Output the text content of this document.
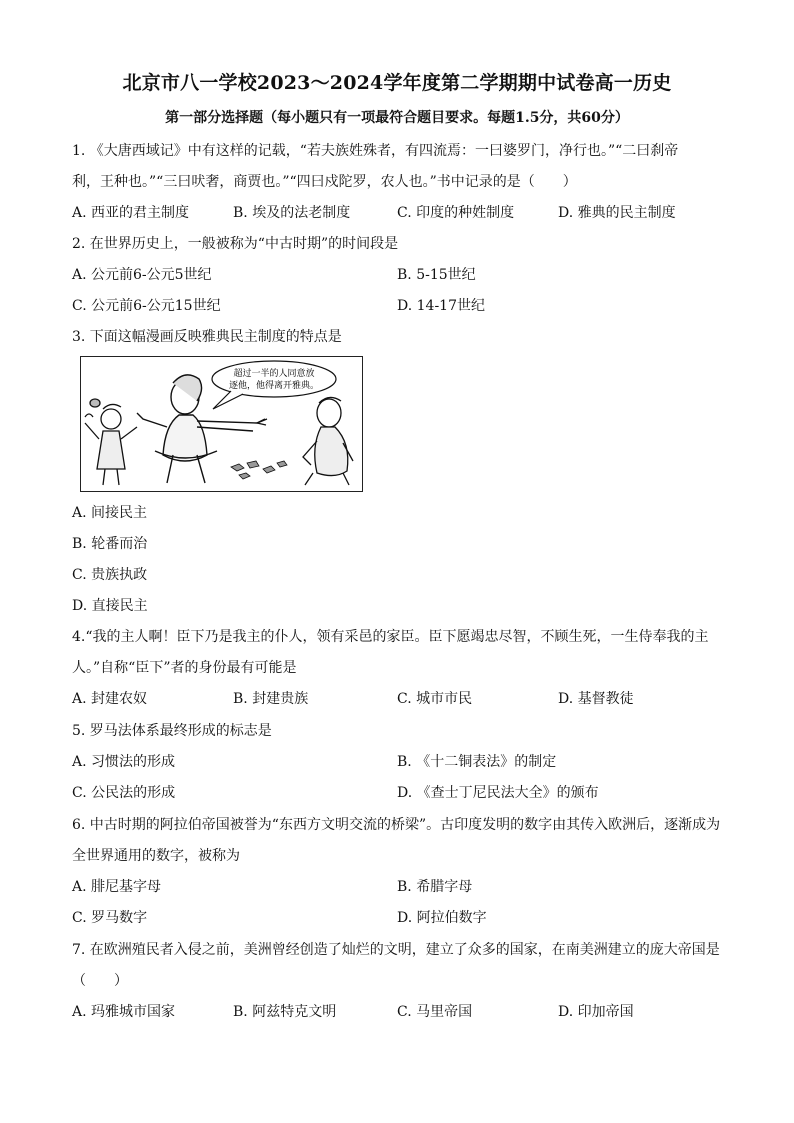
北京市八一学校2023～2024学年度第二学期期中试卷高一历史
第一部分选择题（每小题只有一项最符合题目要求。每题1.5分，共60分）
1. 《大唐西域记》中有这样的记载，“若夫族姓殊者，有四流焉：一曰婆罗门，净行也。”“二曰刹帝
利，王种也。”“三曰吠奢，商贾也。”“四曰戍陀罗，农人也。”书中记录的是（　　）
A. 西亚的君主制度	B. 埃及的法老制度	C. 印度的种姓制度	D. 雅典的民主制度
2. 在世界历史上，一般被称为“中古时期”的时间段是
A. 公元前6-公元5世纪	B. 5-15世纪
C. 公元前6-公元15世纪	D. 14-17世纪
3. 下面这幅漫画反映雅典民主制度的特点是
超过一半的人同意放
逐他，他得离开雅典。
A. 间接民主
B. 轮番而治
C. 贵族执政
D. 直接民主
4.“我的主人啊！臣下乃是我主的仆人，领有采邑的家臣。臣下愿竭忠尽智，不顾生死，一生侍奉我的主
人。”自称“臣下”者的身份最有可能是
A. 封建农奴	B. 封建贵族	C. 城市市民	D. 基督教徒
5. 罗马法体系最终形成的标志是
A. 习惯法的形成	B. 《十二铜表法》的制定
C. 公民法的形成	D. 《查士丁尼民法大全》的颁布
6. 中古时期的阿拉伯帝国被誉为“东西方文明交流的桥梁”。古印度发明的数字由其传入欧洲后，逐渐成为
全世界通用的数字，被称为
A. 腓尼基字母	B. 希腊字母
C. 罗马数字	D. 阿拉伯数字
7. 在欧洲殖民者入侵之前，美洲曾经创造了灿烂的文明，建立了众多的国家，在南美洲建立的庞大帝国是
（　　）
A. 玛雅城市国家	B. 阿兹特克文明	C. 马里帝国	D. 印加帝国
